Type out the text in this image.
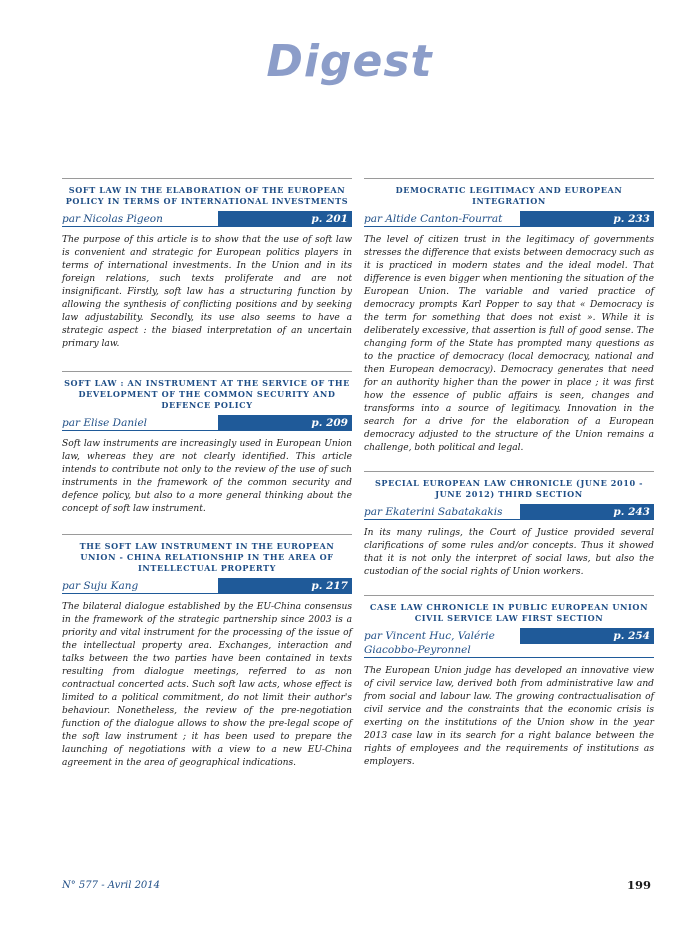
Digest
SOFT LAW IN THE ELABORATION OF THE EUROPEAN POLICY IN TERMS OF INTERNATIONAL INVESTMENTS
par Nicolas Pigeon	p. 201

The purpose of this article is to show that the use of soft law is convenient and strategic for European politics players in terms of international investments. In the Union and in its foreign relations, such texts proliferate and are not insignificant. Firstly, soft law has a structuring function by allowing the synthesis of conflicting positions and by seeking law adjustability. Secondly, its use also seems to have a strategic aspect : the biased interpretation of an uncertain primary law.

SOFT LAW : AN INSTRUMENT AT THE SERVICE OF THE DEVELOPMENT OF THE COMMON SECURITY AND DEFENCE POLICY
par Elise Daniel	p. 209

Soft law instruments are increasingly used in European Union law, whereas they are not clearly identified. This article intends to contribute not only to the review of the use of such instruments in the framework of the common security and defence policy, but also to a more general thinking about the concept of soft law instrument.

THE SOFT LAW INSTRUMENT IN THE EUROPEAN UNION - CHINA RELATIONSHIP IN THE AREA OF INTELLECTUAL PROPERTY
par Suju Kang	p. 217

The bilateral dialogue established by the EU-China consensus in the framework of the strategic partnership since 2003 is a priority and vital instrument for the processing of the issue of the intellectual property area. Exchanges, interaction and talks between the two parties have been contained in texts resulting from dialogue meetings, referred to as non contractual concerted acts. Such soft law acts, whose effect is limited to a political commitment, do not limit their author's behaviour. Nonetheless, the review of the pre-negotiation function of the dialogue allows to show the pre-legal scope of the soft law instrument ; it has been used to prepare the launching of negotiations with a view to a new EU-China agreement in the area of geographical indications.

DEMOCRATIC LEGITIMACY AND EUROPEAN INTEGRATION
par Altide Canton-Fourrat	p. 233

The level of citizen trust in the legitimacy of governments stresses the difference that exists between democracy such as it is practiced in modern states and the ideal model. That difference is even bigger when mentioning the situation of the European Union. The variable and varied practice of democracy prompts Karl Popper to say that « Democracy is the term for something that does not exist ». While it is deliberately excessive, that assertion is full of good sense. The changing form of the State has prompted many questions as to the practice of democracy (local democracy, national and then European democracy). Democracy generates that need for an authority higher than the power in place ; it was first how the essence of public affairs is seen, changes and transforms into a source of legitimacy. Innovation in the search for a drive for the elaboration of a European democracy adjusted to the structure of the Union remains a challenge, both political and legal.

SPECIAL EUROPEAN LAW CHRONICLE (JUNE 2010 - JUNE 2012) THIRD SECTION
par Ekaterini Sabatakakis	p. 243

In its many rulings, the Court of Justice provided several clarifications of some rules and/or concepts. Thus it showed that it is not only the interpret of social laws, but also the custodian of the social rights of Union workers.

CASE LAW CHRONICLE IN PUBLIC EUROPEAN UNION CIVIL SERVICE LAW FIRST SECTION
par Vincent Huc, Valérie Giacobbo-Peyronnel
p. 254

The European Union judge has developed an innovative view of civil service law, derived both from administrative law and from social and labour law. The growing contractualisation of civil service and the constraints that the economic crisis is exerting on the institutions of the Union show in the year 2013 case law in its search for a right balance between the rights of employees and the requirements of institutions as employers.

N° 577 - Avril 2014	199
